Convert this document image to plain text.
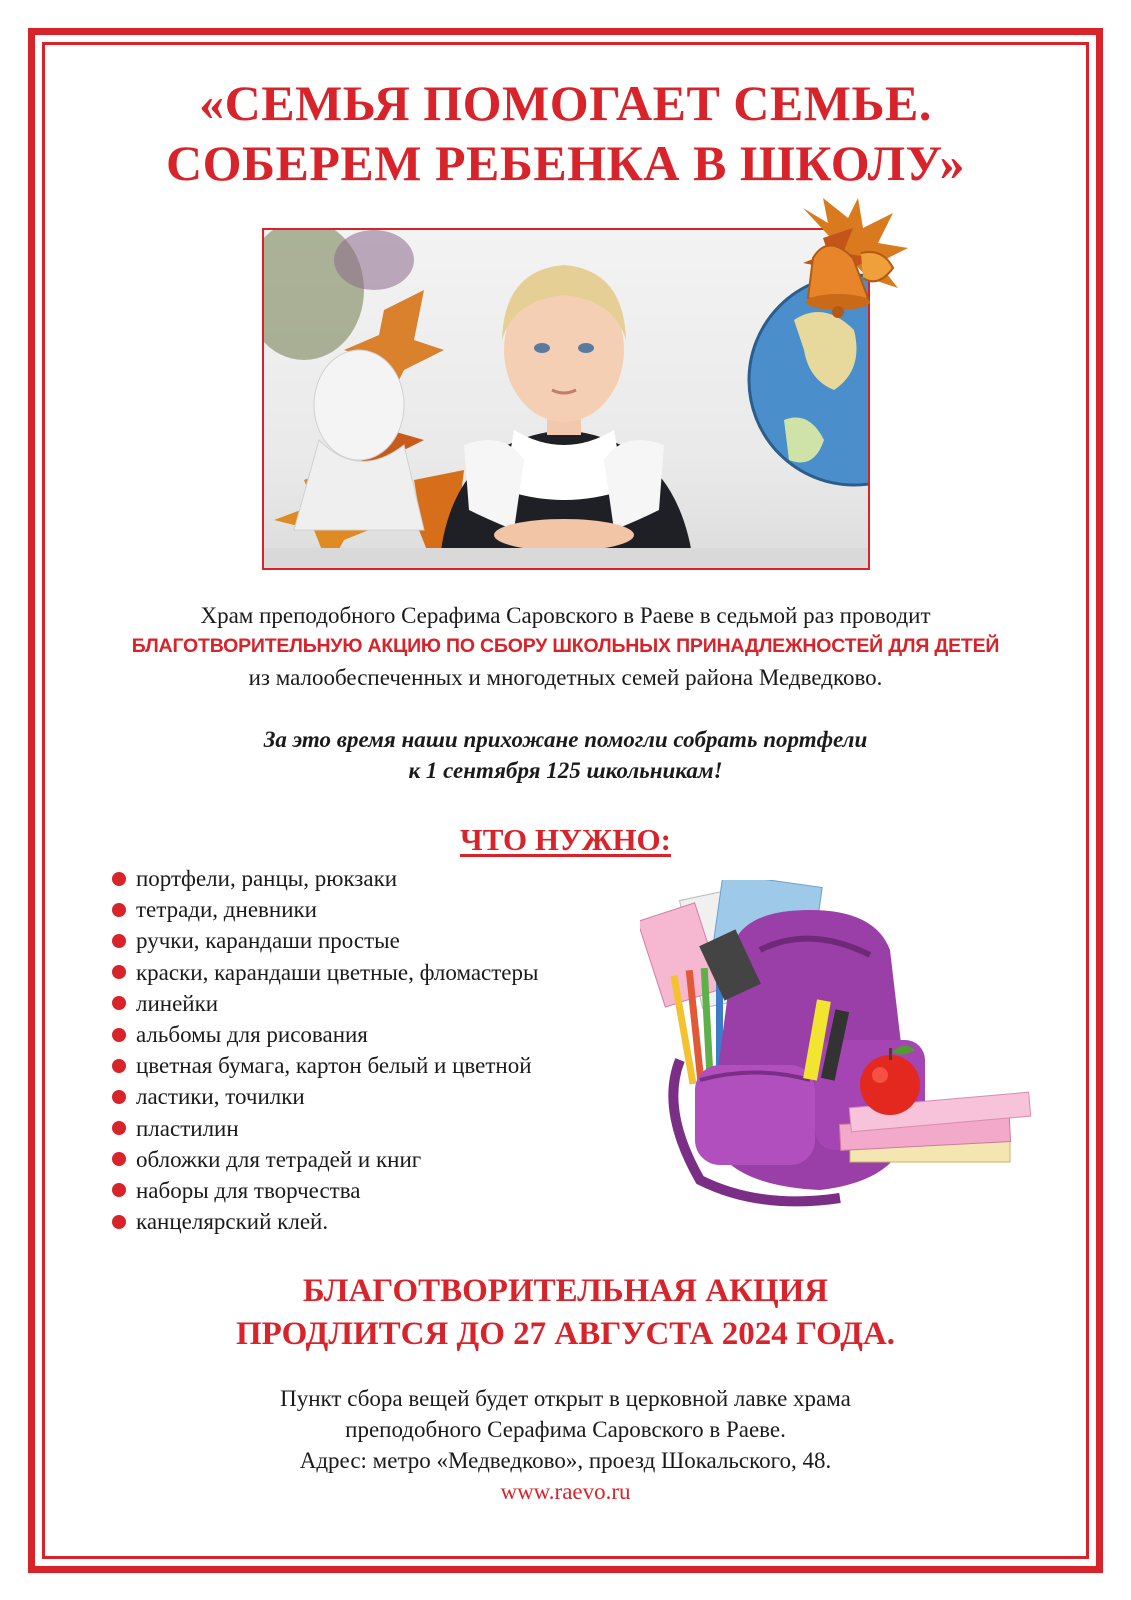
«СЕМЬЯ ПОМОГАЕТ СЕМЬЕ.
СОБЕРЕМ РЕБЕНКА В ШКОЛУ»
Храм преподобного Серафима Саровского в Раеве в седьмой раз проводит
БЛАГОТВОРИТЕЛЬНУЮ АКЦИЮ ПО СБОРУ ШКОЛЬНЫХ ПРИНАДЛЕЖНОСТЕЙ ДЛЯ ДЕТЕЙ
из малообеспеченных и многодетных семей района Медведково.
За это время наши прихожане помогли собрать портфели
к 1 сентября 125 школьникам!
ЧТО НУЖНО:
портфели, ранцы, рюкзаки
тетради, дневники
ручки, карандаши простые
краски, карандаши цветные, фломастеры
линейки
альбомы для рисования
цветная бумага, картон белый и цветной
ластики, точилки
пластилин
обложки для тетрадей и книг
наборы для творчества
канцелярский клей.
БЛАГОТВОРИТЕЛЬНАЯ АКЦИЯ
ПРОДЛИТСЯ ДО 27 АВГУСТА 2024 ГОДА.
Пункт сбора вещей будет открыт в церковной лавке храма
преподобного Серафима Саровского в Раеве.
Адрес: метро «Медведково», проезд Шокальского, 48.
www.raevo.ru
